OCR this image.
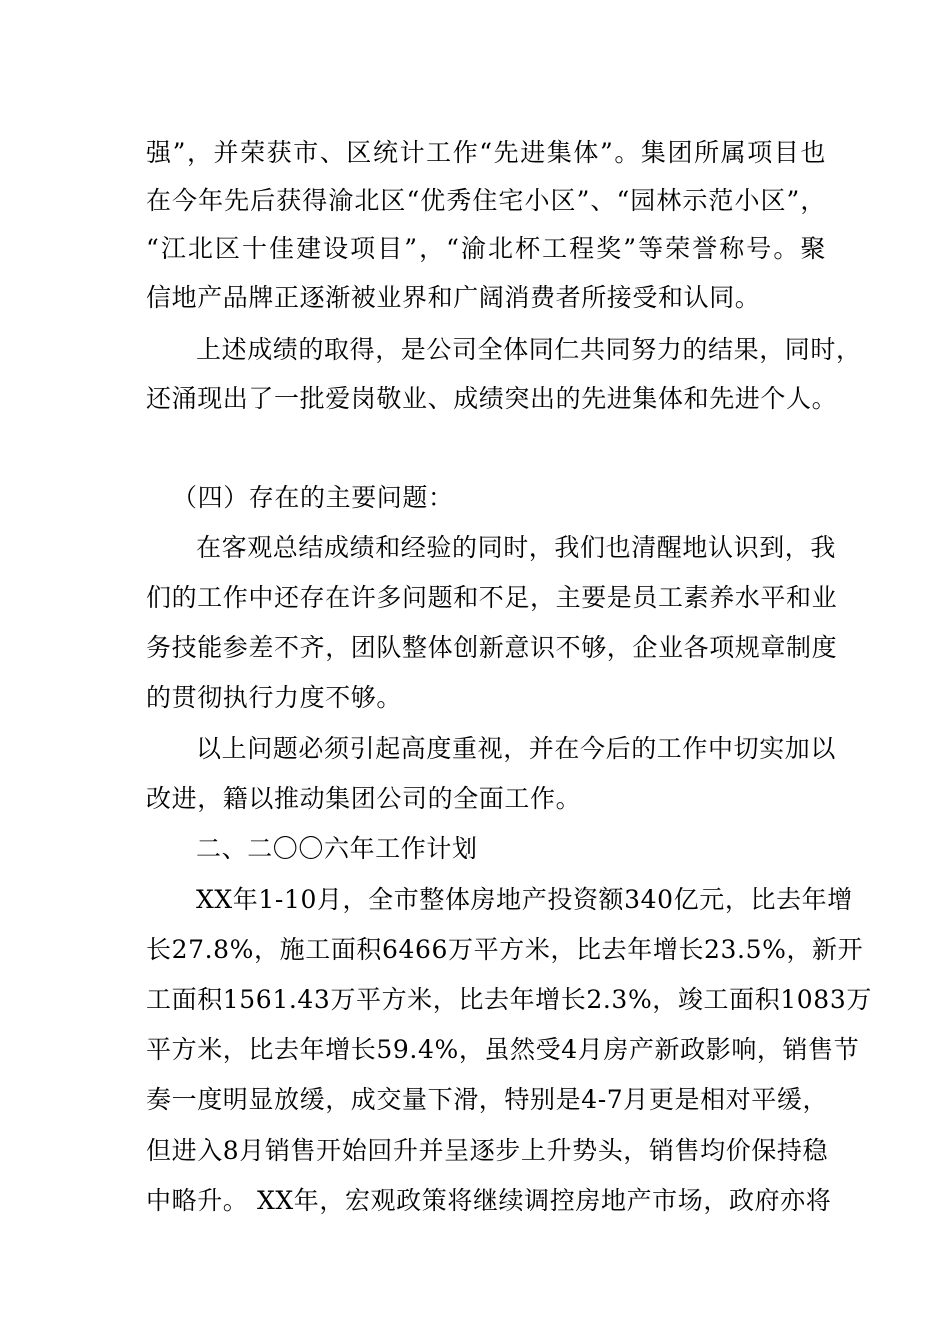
强”，并荣获市、区统计工作“先进集体”。集团所属项目也
在今年先后获得渝北区“优秀住宅小区”、“园林示范小区”，
“江北区十佳建设项目”，“渝北杯工程奖”等荣誉称号。聚
信地产品牌正逐渐被业界和广阔消费者所接受和认同。
上述成绩的取得，是公司全体同仁共同努力的结果，同时，
还涌现出了一批爱岗敬业、成绩突出的先进集体和先进个人。
（四）存在的主要问题：
在客观总结成绩和经验的同时，我们也清醒地认识到，我
们的工作中还存在许多问题和不足，主要是员工素养水平和业
务技能参差不齐，团队整体创新意识不够，企业各项规章制度
的贯彻执行力度不够。
以上问题必须引起高度重视，并在今后的工作中切实加以
改进，籍以推动集团公司的全面工作。
二、二〇〇六年工作计划
XX年1-10月，全市整体房地产投资额340亿元，比去年增
长27.8%，施工面积6466万平方米，比去年增长23.5%，新开
工面积1561.43万平方米，比去年增长2.3%，竣工面积1083万
平方米，比去年增长59.4%，虽然受4月房产新政影响，销售节
奏一度明显放缓，成交量下滑，特别是4-7月更是相对平缓，
但进入8月销售开始回升并呈逐步上升势头，销售均价保持稳
中略升。 XX年，宏观政策将继续调控房地产市场，政府亦将
